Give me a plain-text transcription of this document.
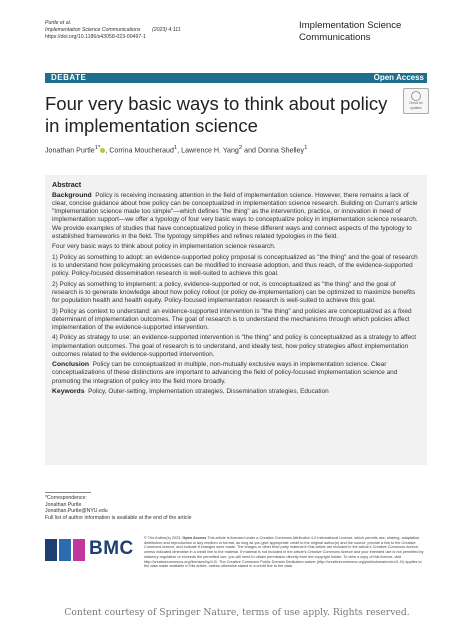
Purtle et al.
Implementation Science Communications (2023) 4:111
https://doi.org/10.1186/s43058-023-00497-1
Implementation Science
Communications
DEBATE	Open Access
Check for
updates
Four very basic ways to think about policy
in implementation science
Jonathan Purtle$^{1*}$ , Corrina Moucheraud$^1$, Lawrence H. Yang$^2$ and Donna Shelley$^1$
Abstract

Background Policy is receiving increasing attention in the field of implementation science. However, there remains a lack of clear, concise guidance about how policy can be conceptualized in implementation science research. Building on Curran's article "Implementation science made too simple"—which defines "the thing" as the intervention, practice, or innovation in need of implementation support—we offer a typology of four very basic ways to conceptualize policy in implementation science research. We provide examples of studies that have conceptualized policy in these different ways and connect aspects of the typology to established frameworks in the field. The typology simplifies and refines related typologies in the field.

Four very basic ways to think about policy in implementation science research.

1) Policy as something to adopt: an evidence-supported policy proposal is conceptualized as "the thing" and the goal of research is to understand how policymaking processes can be modified to increase adoption, and thus reach, of the evidence-supported policy. Policy-focused dissemination research is well-suited to achieve this goal.

2) Policy as something to implement: a policy, evidence-supported or not, is conceptualized as "the thing" and the goal of research is to generate knowledge about how policy rollout (or policy de-implementation) can be optimized to maximize benefits for population health and health equity. Policy-focused implementation research is well-suited to achieve this goal.

3) Policy as context to understand: an evidence-supported intervention is "the thing" and policies are conceptualized as a fixed determinant of implementation outcomes. The goal of research is to understand the mechanisms through which policies affect implementation of the evidence-supported intervention.

4) Policy as strategy to use: an evidence-supported intervention is "the thing" and policy is conceptualized as a strategy to affect implementation outcomes. The goal of research is to understand, and ideally test, how policy strategies affect implementation outcomes related to the evidence-supported intervention.

Conclusion Policy can be conceptualized in multiple, non-mutually exclusive ways in implementation science. Clear conceptualizations of these distinctions are important to advancing the field of policy-focused implementation science and promoting the integration of policy into the field more broadly.

Keywords Policy, Outer-setting, Implementation strategies, Dissemination strategies, Education

*Correspondence:
Jonathan Purtle
Jonathan.Purtle@NYU.edu
Full list of author information is available at the end of the article
BMC	© The Author(s) 2023. Open Access This article is licensed under a Creative Commons Attribution 4.0 International License, which permits use, sharing, adaptation, distribution and reproduction in any medium or format, as long as you give appropriate credit to the original author(s) and the source, provide a link to the Creative Commons licence, and indicate if changes were made. The images or other third party material in this article are included in the article's Creative Commons licence, unless indicated otherwise in a credit line to the material. If material is not included in the article's Creative Commons licence and your intended use is not permitted by statutory regulation or exceeds the permitted use, you will need to obtain permission directly from the copyright holder. To view a copy of this licence, visit http://creativecommons.org/licenses/by/4.0/. The Creative Commons Public Domain Dedication waiver (http://creativecommons.org/publicdomain/zero/1.0/) applies to the data made available in this article, unless otherwise stated in a credit line to the data.
Content courtesy of Springer Nature, terms of use apply. Rights reserved.
